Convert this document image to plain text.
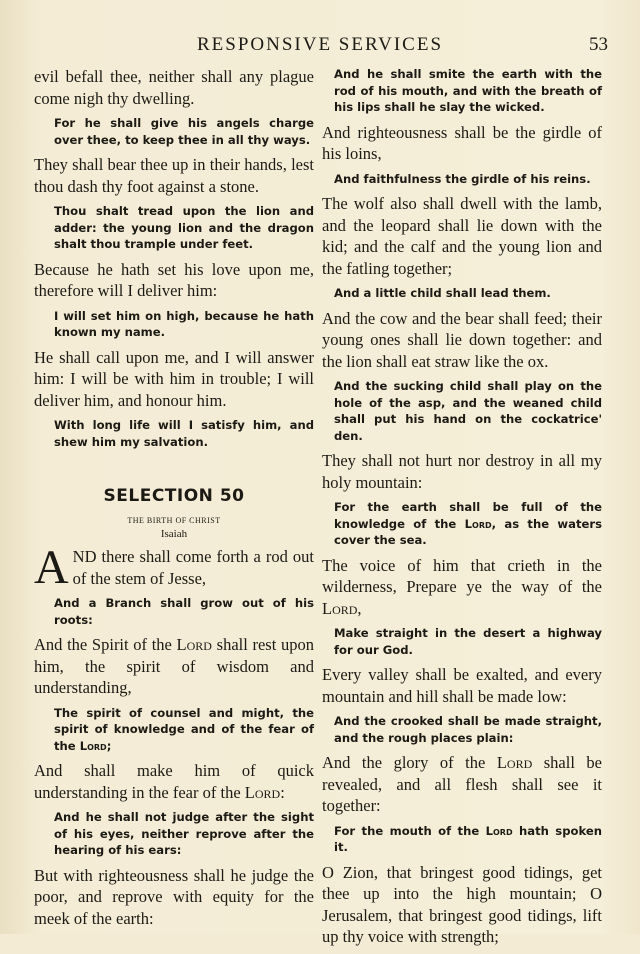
RESPONSIVE SERVICES	53

evil befall thee, neither shall any plague come nigh thy dwelling.

For he shall give his angels charge over thee, to keep thee in all thy ways.

They shall bear thee up in their hands, lest thou dash thy foot against a stone.

Thou shalt tread upon the lion and adder: the young lion and the dragon shalt thou trample under feet.

Because he hath set his love upon me, therefore will I deliver him:

I will set him on high, because he hath known my name.

He shall call upon me, and I will answer him: I will be with him in trouble; I will deliver him, and honour him.

With long life will I satisfy him, and shew him my salvation.

SELECTION 50
THE BIRTH OF CHRIST
Isaiah

AND there shall come forth a rod out of the stem of Jesse,

And a Branch shall grow out of his roots:

And the Spirit of the Lord shall rest upon him, the spirit of wisdom and understanding,

The spirit of counsel and might, the spirit of knowledge and of the fear of the Lord;

And shall make him of quick understanding in the fear of the Lord:

And he shall not judge after the sight of his eyes, neither reprove after the hearing of his ears:

But with righteousness shall he judge the poor, and reprove with equity for the meek of the earth:

And he shall smite the earth with the rod of his mouth, and with the breath of his lips shall he slay the wicked.

And righteousness shall be the girdle of his loins,

And faithfulness the girdle of his reins.

The wolf also shall dwell with the lamb, and the leopard shall lie down with the kid; and the calf and the young lion and the fatling together;

And a little child shall lead them.

And the cow and the bear shall feed; their young ones shall lie down together: and the lion shall eat straw like the ox.

And the sucking child shall play on the hole of the asp, and the weaned child shall put his hand on the cockatrice' den.

They shall not hurt nor destroy in all my holy mountain:

For the earth shall be full of the knowledge of the Lord, as the waters cover the sea.

The voice of him that crieth in the wilderness, Prepare ye the way of the Lord,

Make straight in the desert a highway for our God.

Every valley shall be exalted, and every mountain and hill shall be made low:

And the crooked shall be made straight, and the rough places plain:

And the glory of the Lord shall be revealed, and all flesh shall see it together:

For the mouth of the Lord hath spoken it.

O Zion, that bringest good tidings, get thee up into the high mountain; O Jerusalem, that bringest good tidings, lift up thy voice with strength;
